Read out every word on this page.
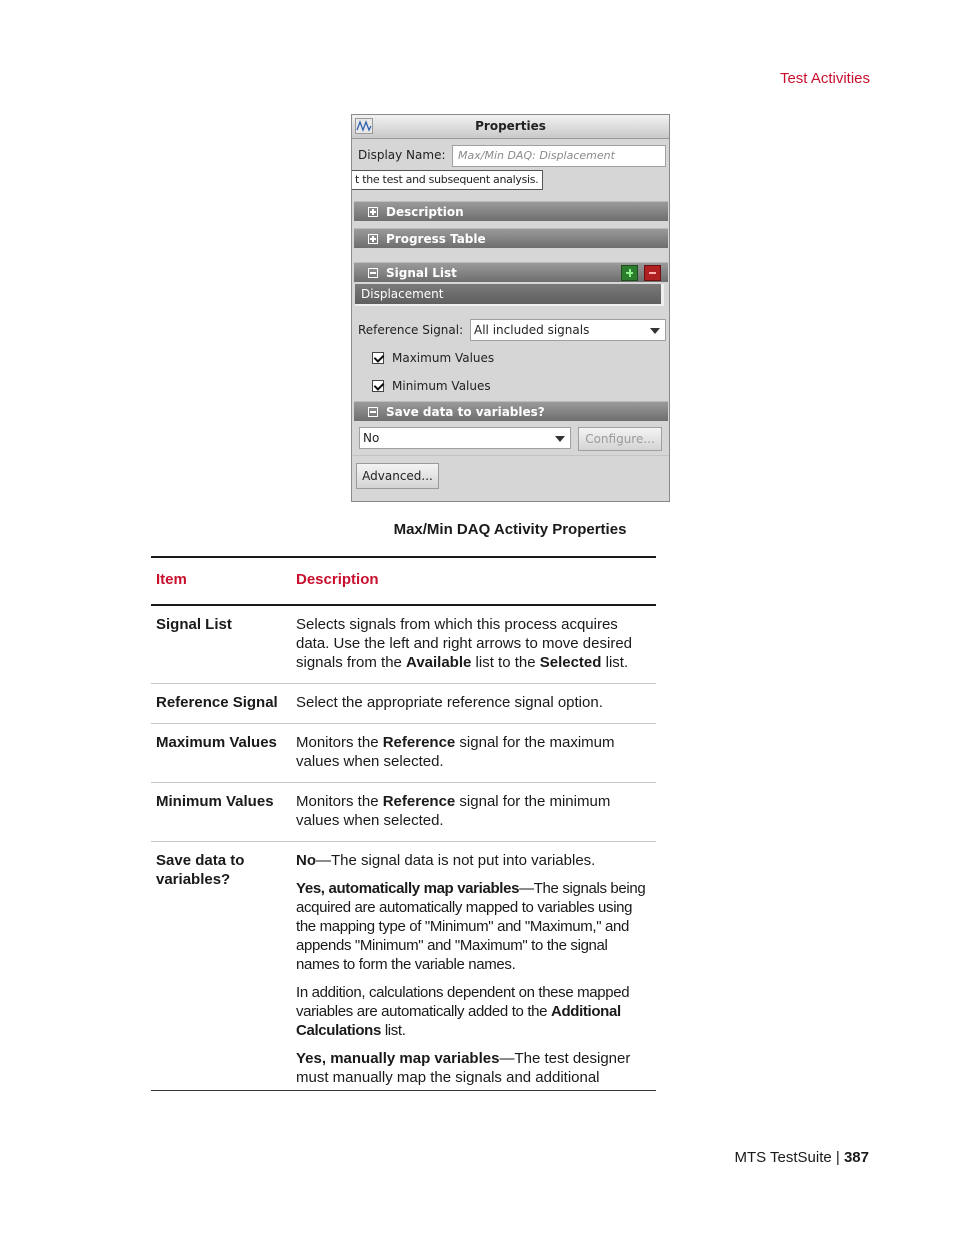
Test Activities
Properties
Display Name:	Max/Min DAQ: Displacement
t the test and subsequent analysis.
Description
Progress Table
Signal List
Displacement
Reference Signal: All included signals
Maximum Values
Minimum Values
Save data to variables?
No	Configure...
Advanced...
Max/Min DAQ Activity Properties
Item	Description
Signal List	Selects signals from which this process acquires data. Use the left and right arrows to move desired signals from the Available list to the Selected list.
Reference Signal	Select the appropriate reference signal option.
Maximum Values	Monitors the Reference signal for the maximum values when selected.
Minimum Values	Monitors the Reference signal for the minimum values when selected.
Save data to variables?	No—The signal data is not put into variables.

Yes, automatically map variables—The signals being acquired are automatically mapped to variables using the mapping type of "Minimum" and "Maximum," and appends "Minimum" and "Maximum" to the signal names to form the variable names.

In addition, calculations dependent on these mapped variables are automatically added to the Additional Calculations list.

Yes, manually map variables—The test designer must manually map the signals and additional

MTS TestSuite | 387
